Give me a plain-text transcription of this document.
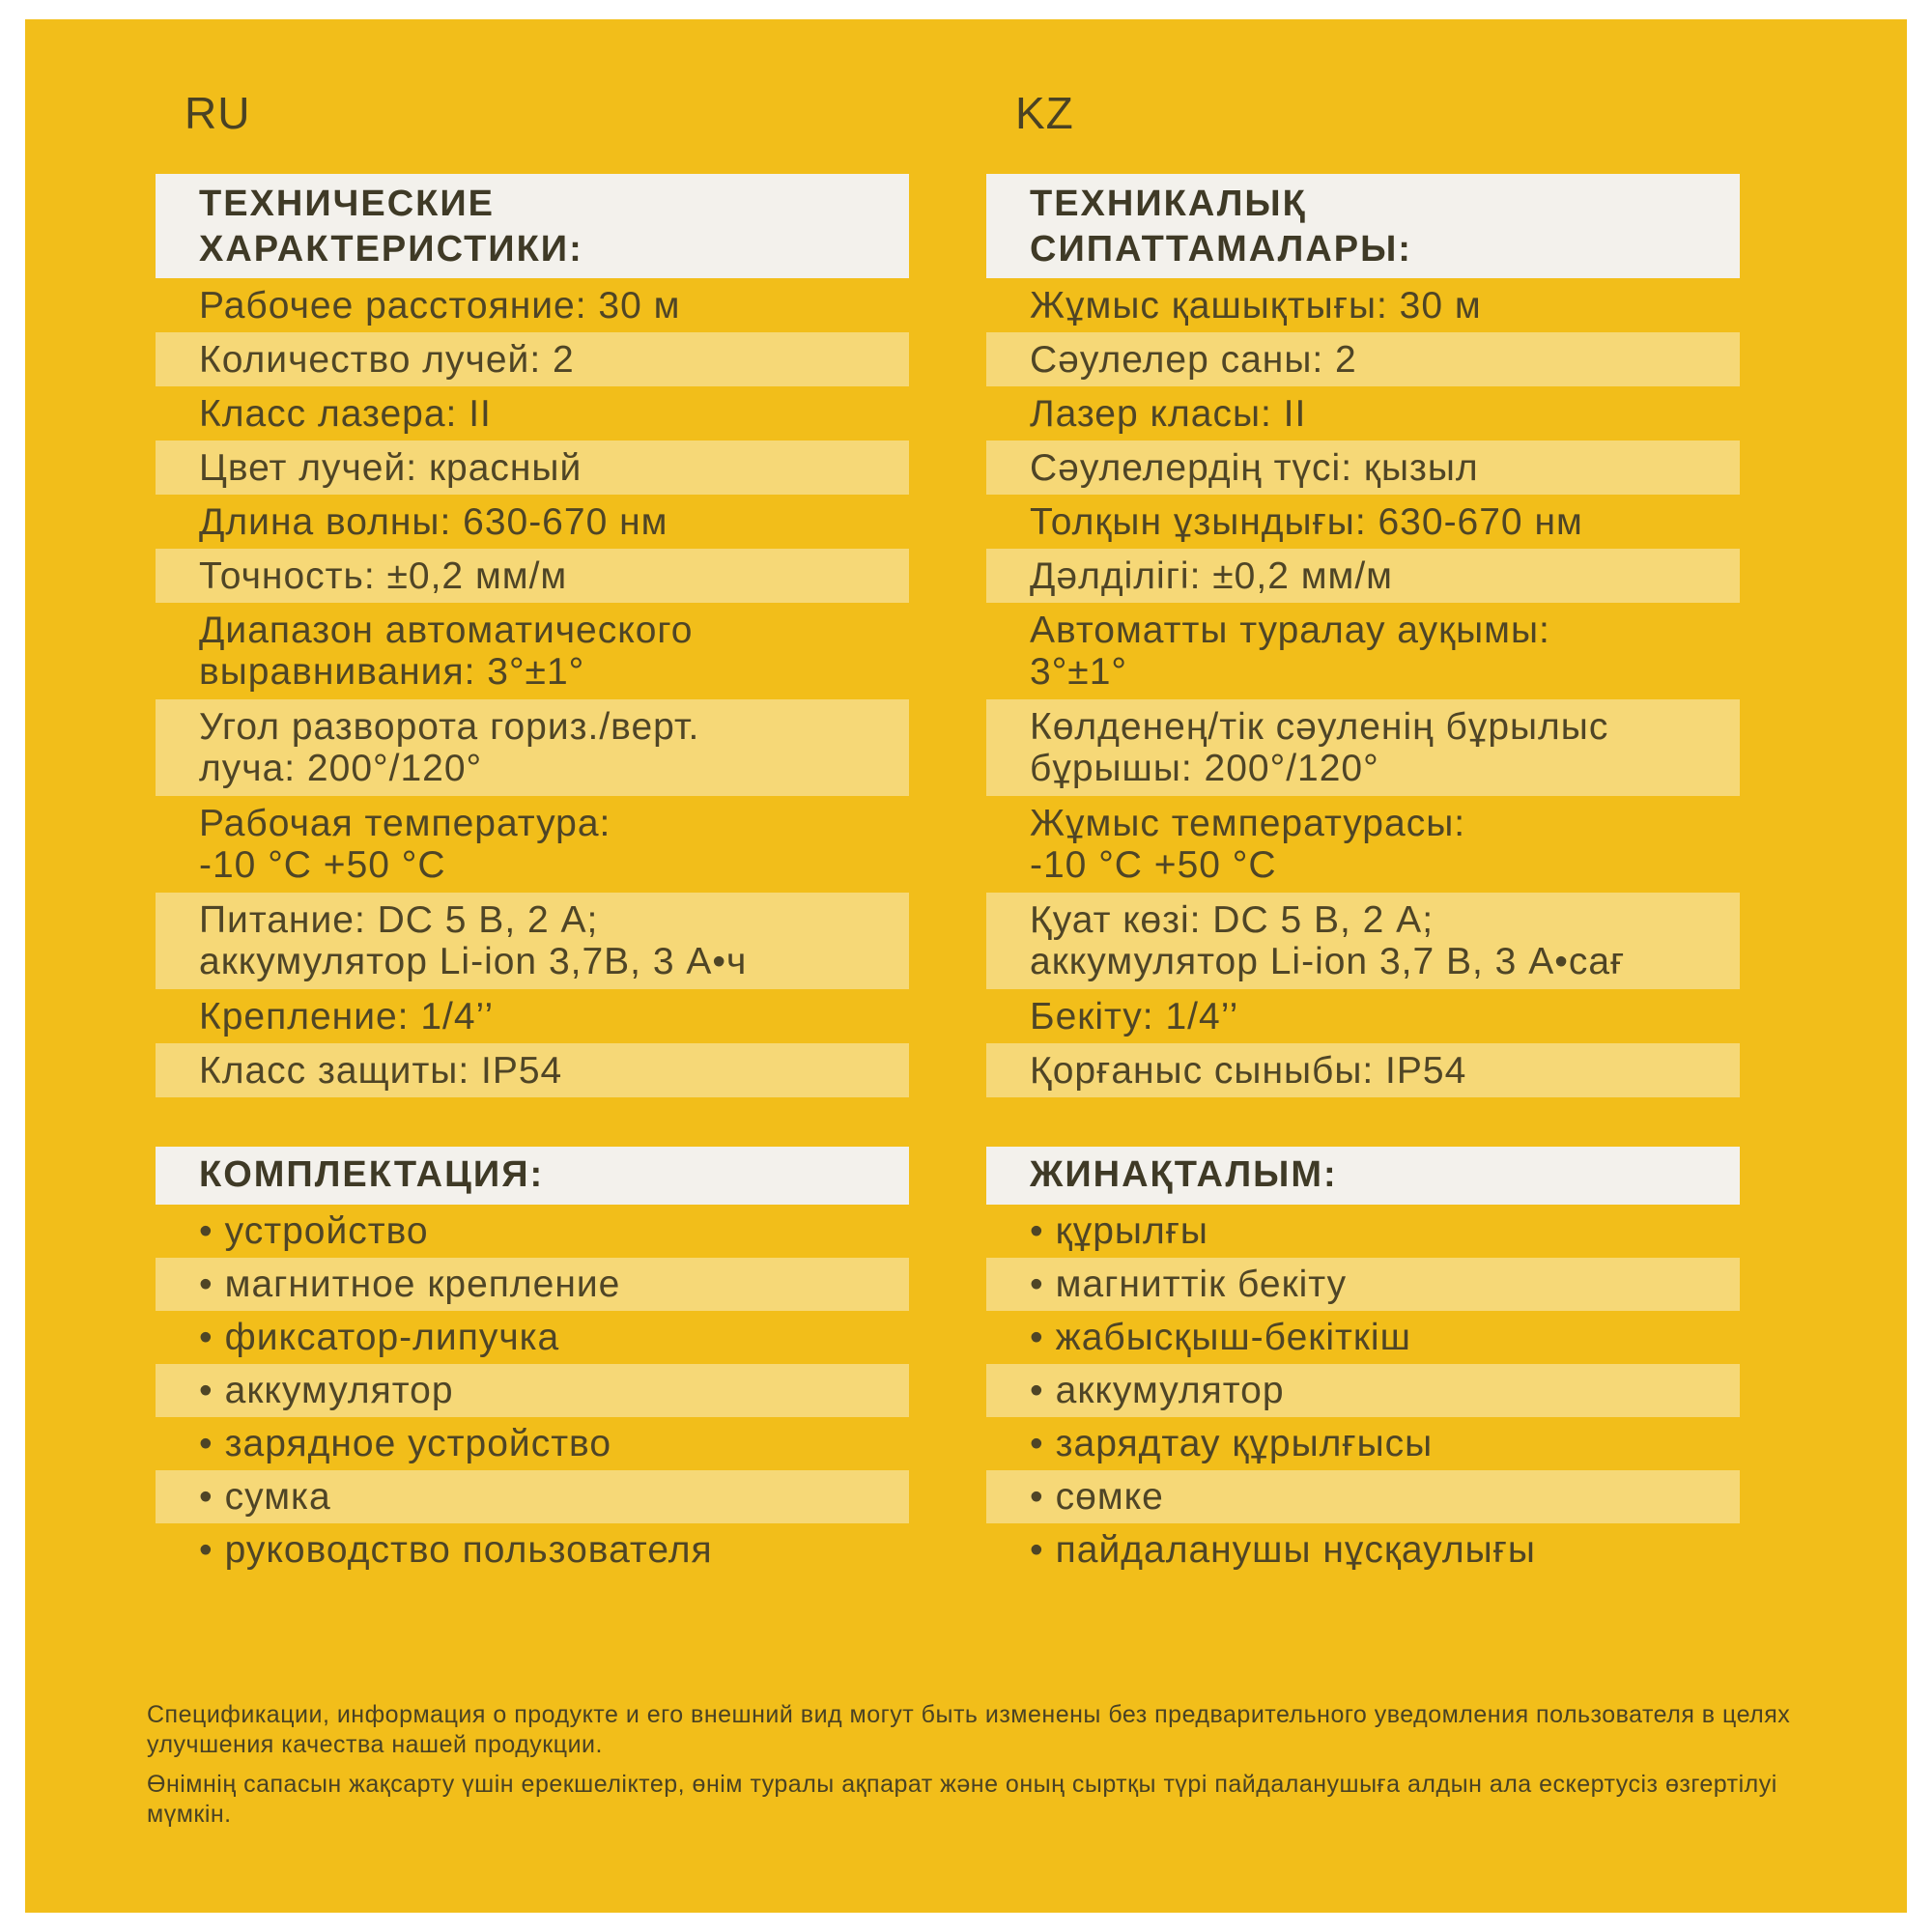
RU
ТЕХНИЧЕСКИЕ
ХАРАКТЕРИСТИКИ:
Рабочее расстояние: 30 м
Количество лучей: 2
Класс лазера: II
Цвет лучей: красный
Длина волны: 630-670 нм
Точность: ±0,2 мм/м
Диапазон автоматического
выравнивания: 3°±1°
Угол разворота гориз./верт.
луча: 200°/120°
Рабочая температура:
-10 °С +50 °С
Питание: DC 5 В, 2 А;
аккумулятор Li-ion 3,7В, 3 А•ч
Крепление: 1/4’’
Класс защиты: IP54
КОМПЛЕКТАЦИЯ:
• устройство
• магнитное крепление
• фиксатор-липучка
• аккумулятор
• зарядное устройство
• сумка
• руководство пользователя
KZ
ТЕХНИКАЛЫҚ
СИПАТТАМАЛАРЫ:
Жұмыс қашықтығы: 30 м
Сәулелер саны: 2
Лазер класы: II
Сәулелердің түсі: қызыл
Толқын ұзындығы: 630-670 нм
Дәлдiлiгi: ±0,2 мм/м
Автоматты туралау ауқымы:
3°±1°
Көлденең/тік сәуленің бұрылыс
бұрышы: 200°/120°
Жұмыс температурасы:
-10 °С +50 °С
Қуат көзі: DC 5 В, 2 А;
аккумулятор Li-ion 3,7 В, 3 А•сағ
Бекіту: 1/4’’
Қорғаныс сыныбы: IP54
ЖИНАҚТАЛЫМ:
• құрылғы
• магниттік бекіту
• жабысқыш-бекіткіш
• аккумулятор
• зарядтау құрылғысы
• сөмке
• пайдаланушы нұсқаулығы

Спецификации, информация о продукте и его внешний вид могут быть изменены без предварительного уведомления пользователя в целях улучшения качества нашей продукции.

Өнімнің сапасын жақсарту үшін ерекшеліктер, өнім туралы ақпарат және оның сыртқы түрі пайдаланушыға алдын ала ескертусіз өзгертілуі мүмкін.
